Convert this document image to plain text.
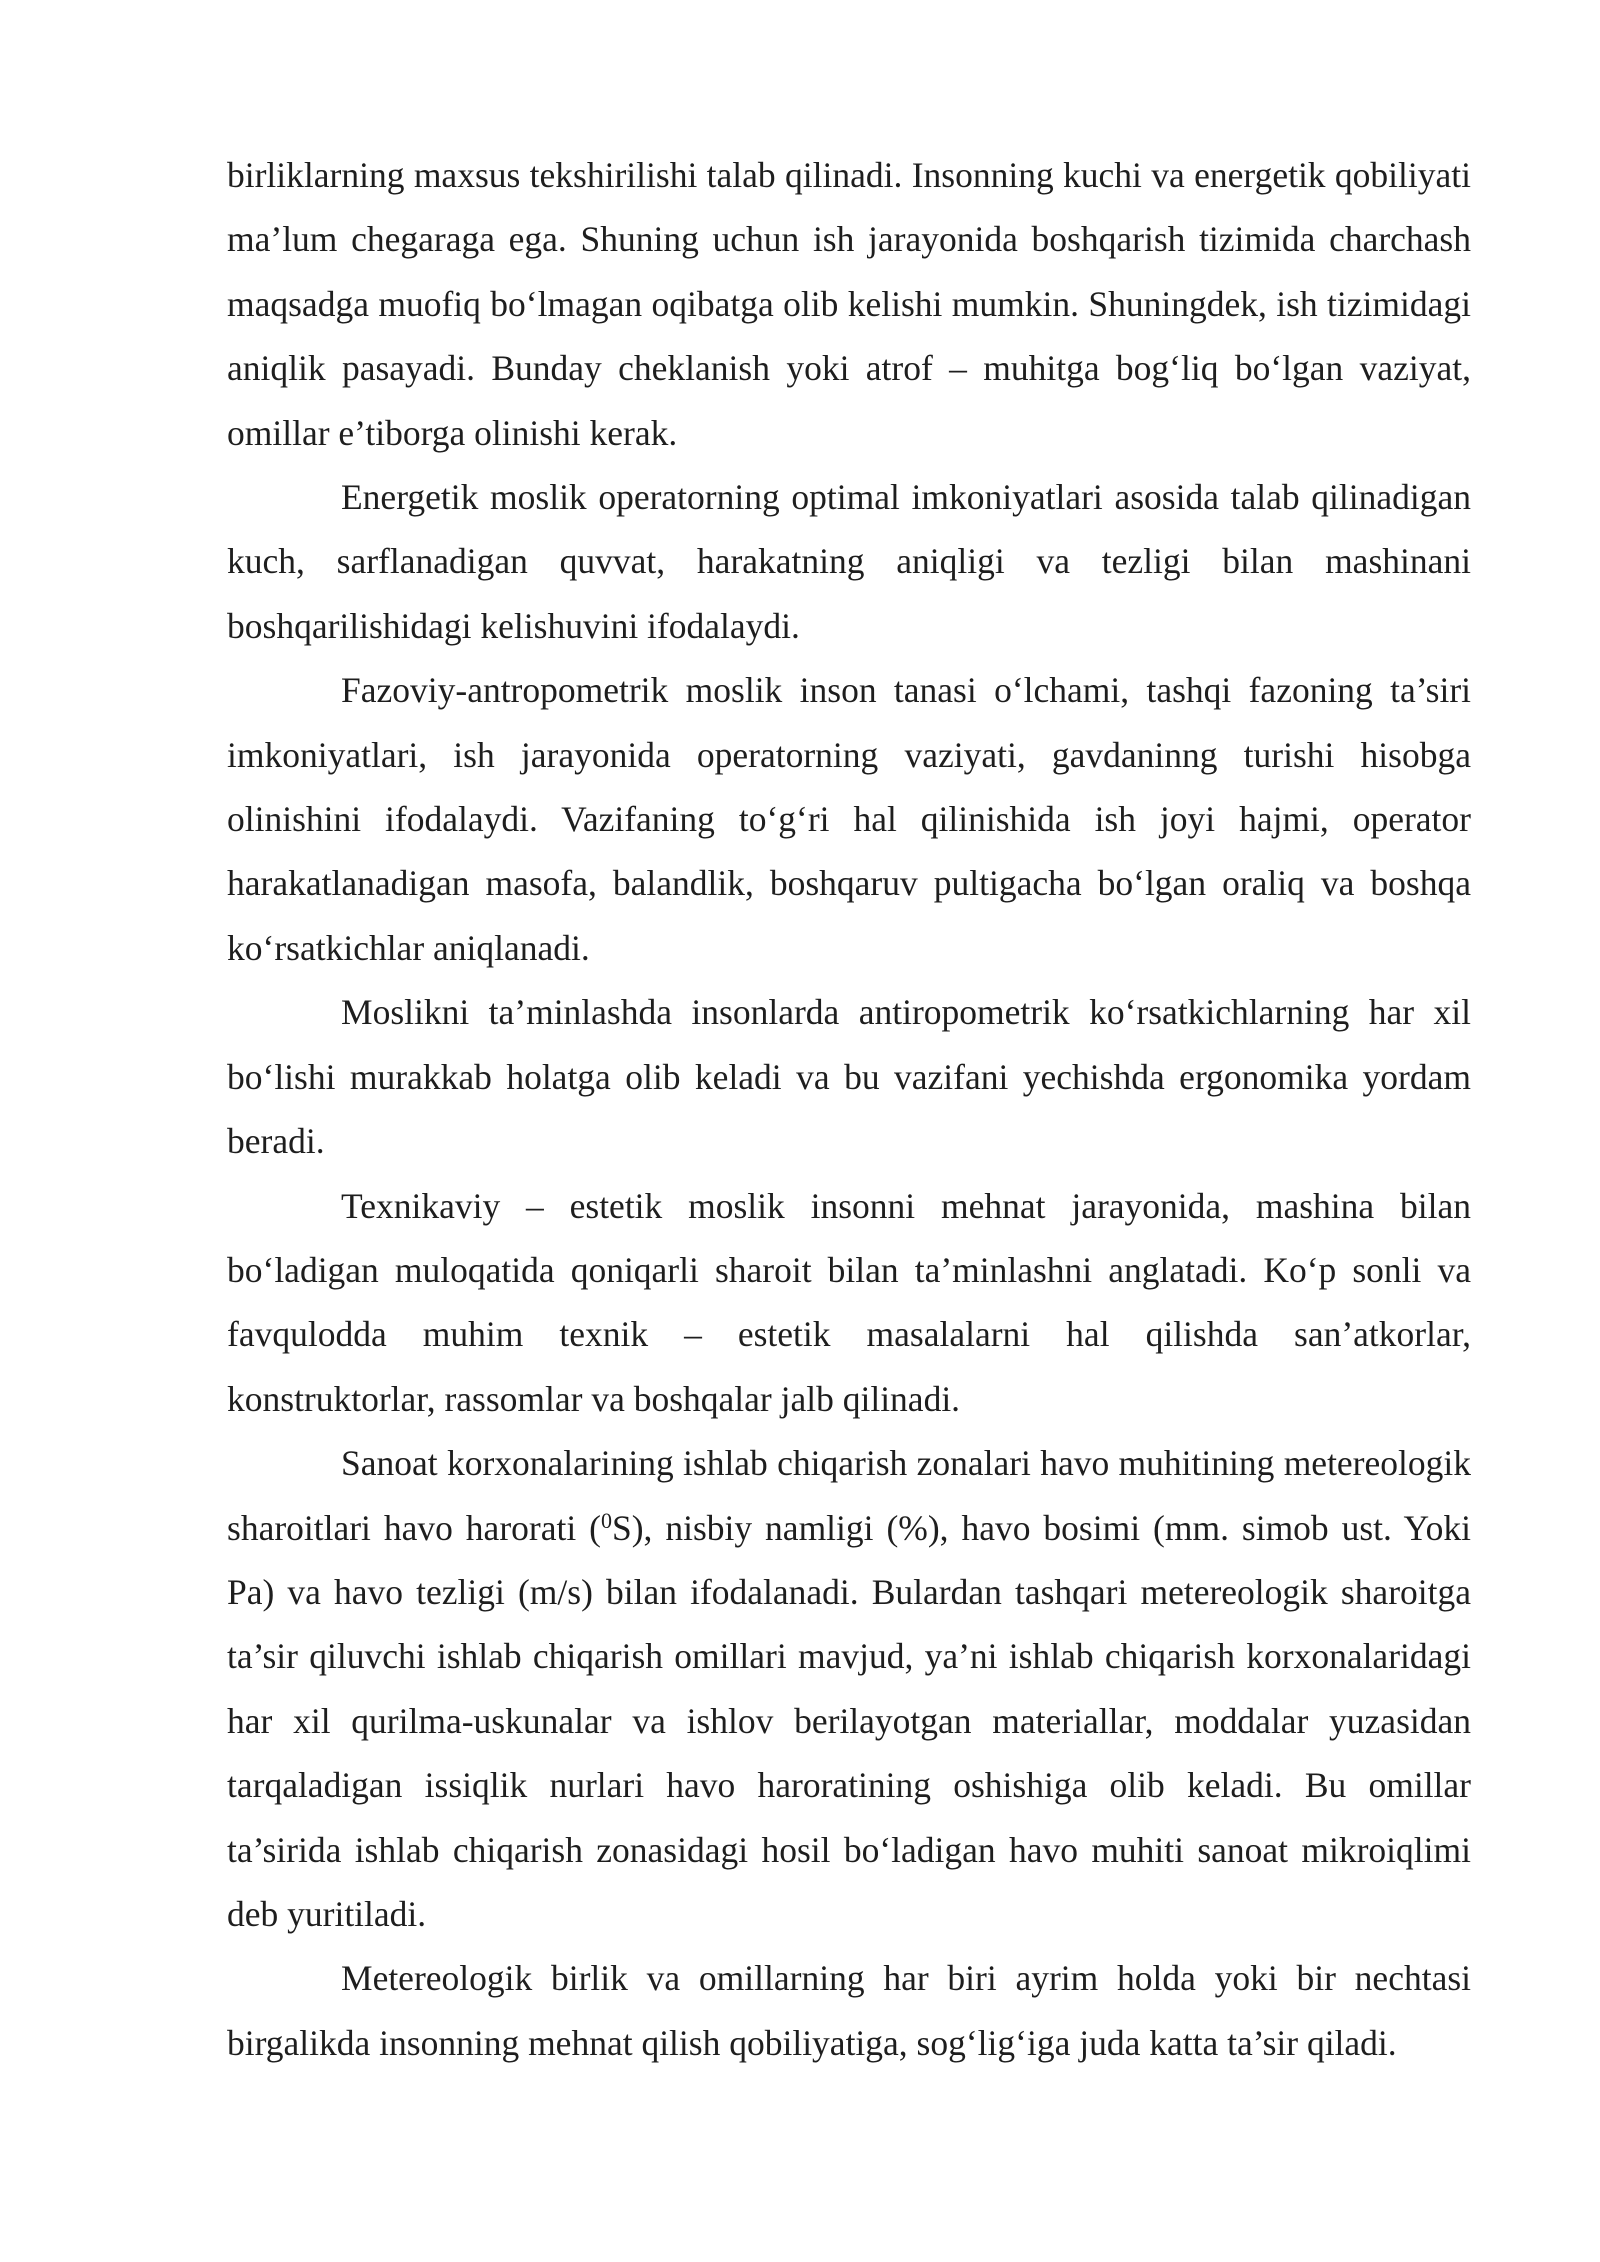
birliklarning maxsus tekshirilishi talab qilinadi. Insonning kuchi va energetik qobiliyati ma’lum chegaraga ega. Shuning uchun ish jarayonida boshqarish tizimida charchash maqsadga muofiq bo‘lmagan oqibatga olib kelishi mumkin. Shuningdek, ish tizimidagi aniqlik pasayadi. Bunday cheklanish yoki atrof – muhitga bog‘liq bo‘lgan vaziyat, omillar e’tiborga olinishi kerak.

Energetik moslik operatorning optimal imkoniyatlari asosida talab qilinadigan kuch, sarflanadigan quvvat, harakatning aniqligi va tezligi bilan mashinani boshqarilishidagi kelishuvini ifodalaydi.

Fazoviy-antropometrik moslik inson tanasi o‘lchami, tashqi fazoning ta’siri imkoniyatlari, ish jarayonida operatorning vaziyati, gavdaninng turishi hisobga olinishini ifodalaydi. Vazifaning to‘g‘ri hal qilinishida ish joyi hajmi, operator harakatlanadigan masofa, balandlik, boshqaruv pultigacha bo‘lgan oraliq va boshqa ko‘rsatkichlar aniqlanadi.

Moslikni ta’minlashda insonlarda antiropometrik ko‘rsatkichlarning har xil bo‘lishi murakkab holatga olib keladi va bu vazifani yechishda ergonomika yordam beradi.

Texnikaviy – estetik moslik insonni mehnat jarayonida, mashina bilan bo‘ladigan muloqatida qoniqarli sharoit bilan ta’minlashni anglatadi. Ko‘p sonli va favqulodda muhim texnik – estetik masalalarni hal qilishda san’atkorlar, konstruktorlar, rassomlar va boshqalar jalb qilinadi.

Sanoat korxonalarining ishlab chiqarish zonalari havo muhitining metereologik sharoitlari havo harorati ($^0$S), nisbiy namligi (%), havo bosimi (mm. simob ust. Yoki Pa) va havo tezligi (m/s) bilan ifodalanadi. Bulardan tashqari metereologik sharoitga ta’sir qiluvchi ishlab chiqarish omillari mavjud, ya’ni ishlab chiqarish korxonalaridagi har xil qurilma-uskunalar va ishlov berilayotgan materiallar, moddalar yuzasidan tarqaladigan issiqlik nurlari havo haroratining oshishiga olib keladi. Bu omillar ta’sirida ishlab chiqarish zonasidagi hosil bo‘ladigan havo muhiti sanoat mikroiqlimi deb yuritiladi.

Metereologik birlik va omillarning har biri ayrim holda yoki bir nechtasi birgalikda insonning mehnat qilish qobiliyatiga, sog‘lig‘iga juda katta ta’sir qiladi.
